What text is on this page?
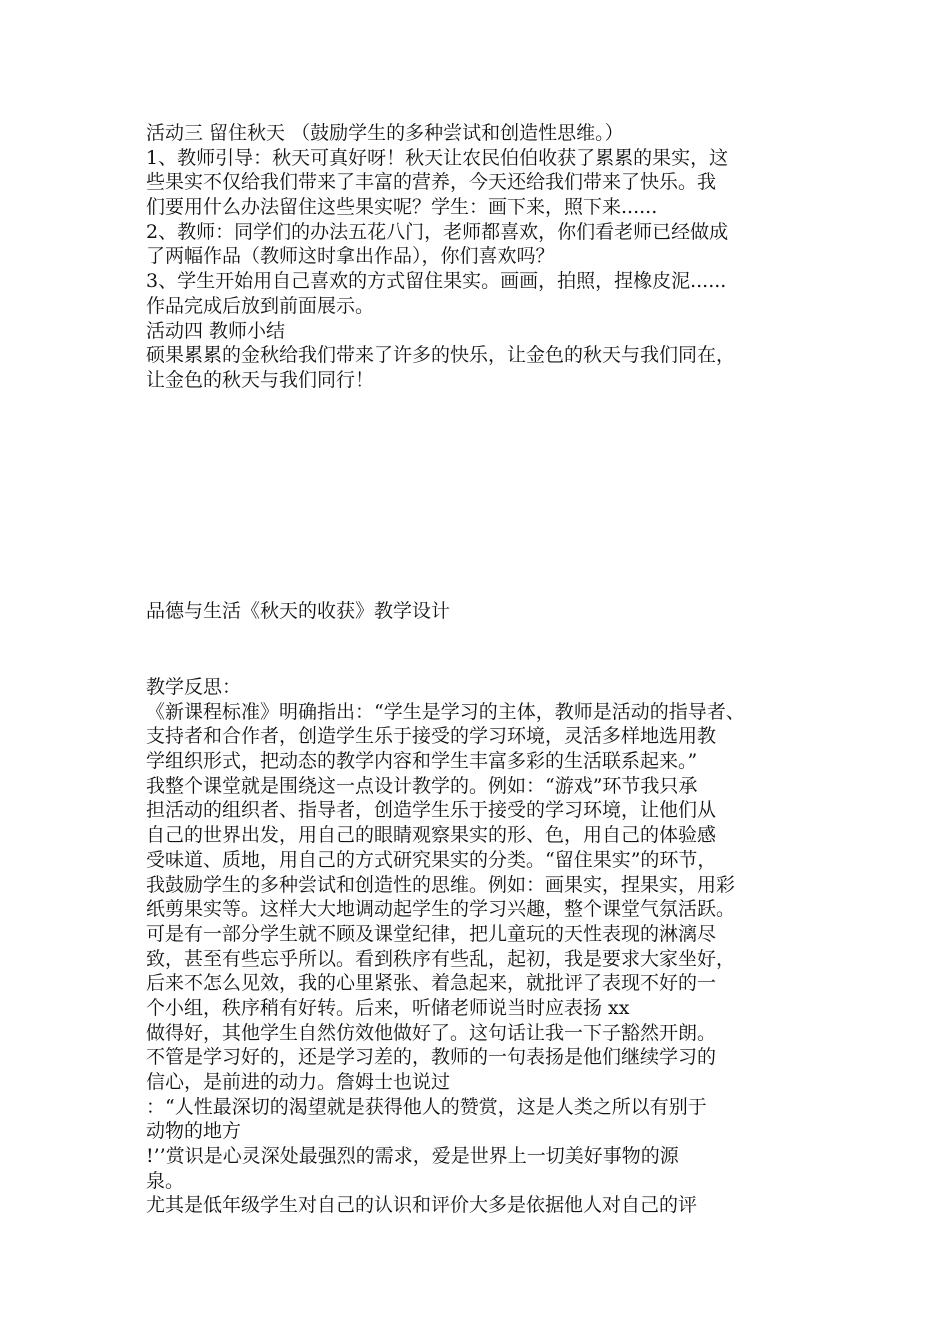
活动三 留住秋天 （鼓励学生的多种尝试和创造性思维。）
1、教师引导：秋天可真好呀！秋天让农民伯伯收获了累累的果实，这
些果实不仅给我们带来了丰富的营养，今天还给我们带来了快乐。我
们要用什么办法留住这些果实呢？学生：画下来，照下来......
2、教师：同学们的办法五花八门，老师都喜欢，你们看老师已经做成
了两幅作品（教师这时拿出作品），你们喜欢吗？
3、学生开始用自己喜欢的方式留住果实。画画，拍照，捏橡皮泥......
作品完成后放到前面展示。
活动四 教师小结
硕果累累的金秋给我们带来了许多的快乐，让金色的秋天与我们同在，
让金色的秋天与我们同行！
品德与生活《秋天的收获》教学设计
教学反思：
《新课程标准》明确指出：“学生是学习的主体，教师是活动的指导者、
支持者和合作者，创造学生乐于接受的学习环境，灵活多样地选用教
学组织形式，把动态的教学内容和学生丰富多彩的生活联系起来。”
我整个课堂就是围绕这一点设计教学的。例如：“游戏”环节我只承
担活动的组织者、指导者，创造学生乐于接受的学习环境，让他们从
自己的世界出发，用自己的眼睛观察果实的形、色，用自己的体验感
受味道、质地，用自己的方式研究果实的分类。“留住果实”的环节，
我鼓励学生的多种尝试和创造性的思维。例如：画果实，捏果实，用彩
纸剪果实等。这样大大地调动起学生的学习兴趣，整个课堂气氛活跃。
可是有一部分学生就不顾及课堂纪律，把儿童玩的天性表现的淋漓尽
致，甚至有些忘乎所以。看到秩序有些乱，起初，我是要求大家坐好，
后来不怎么见效，我的心里紧张、着急起来，就批评了表现不好的一
个小组，秩序稍有好转。后来，听储老师说当时应表扬 xx
做得好，其他学生自然仿效他做好了。这句话让我一下子豁然开朗。
不管是学习好的，还是学习差的，教师的一句表扬是他们继续学习的
信心，是前进的动力。詹姆士也说过
：“人性最深切的渴望就是获得他人的赞赏，这是人类之所以有别于
动物的地方
!’’赏识是心灵深处最强烈的需求，爱是世界上一切美好事物的源
泉。
尤其是低年级学生对自己的认识和评价大多是依据他人对自己的评
